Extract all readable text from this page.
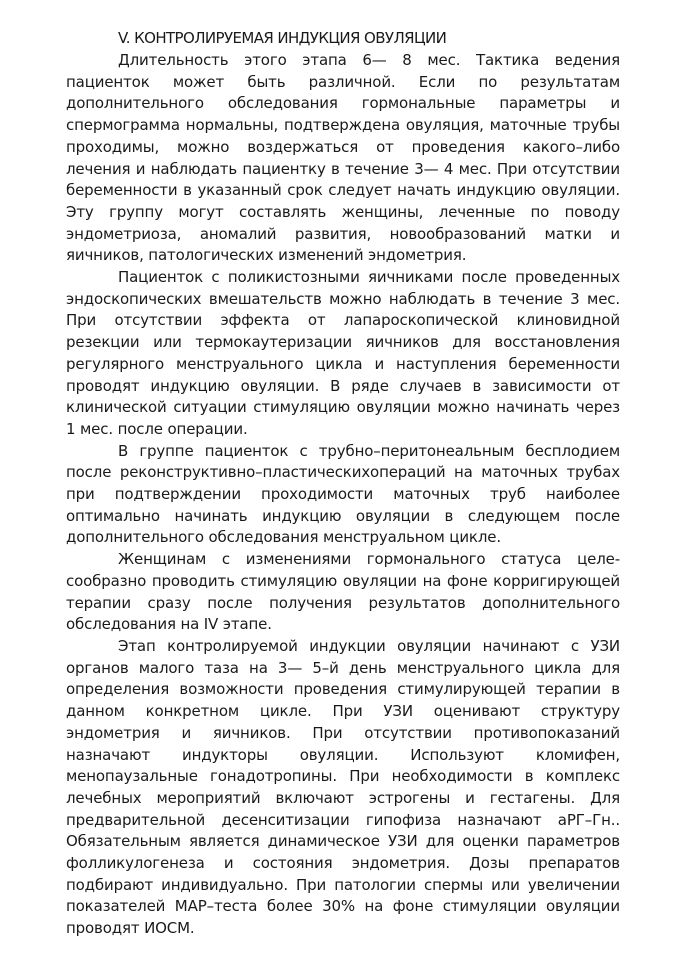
V. КОНТРОЛИРУЕМАЯ ИНДУКЦИЯ ОВУЛЯЦИИ

Длительность этого этапа 6— 8 мес. Тактика ведения пациенток может быть различной. Если по результатам дополнительного обследования гормональные параметры и спермограмма нормальны, подтверждена овуляция, маточные трубы проходимы, можно воздержаться от проведения какого–либо лечения и наблюдать пациентку в течение 3— 4 мес. При отсутствии беременности в указанный срок следует начать индукцию овуляции. Эту группу могут составлять женщины, леченные по поводу эндометриоза, аномалий развития, новообразований матки и яичников, патологических изменений эндометрия.

Пациенток с поликистозными яичниками после проведенных эндоскопических вмешательств можно наблюдать в течение 3 мес. При отсутствии эффекта от лапароскопической клиновидной резекции или термокаутеризации яичников для восстановления регулярного менструального цикла и наступления беременности проводят индукцию овуляции. В ряде случаев в зависимости от клинической ситуации стимуляцию овуляции можно начинать через 1 мес. после операции.

В группе пациенток с трубно–перитонеальным бесплодием после реконструктивно–пластическихопераций на маточных трубах при подтверждении проходимости маточных труб наиболее оптимально начинать индукцию овуляции в следующем после дополнительного обследования менструальном цикле.

Женщинам с изменениями гормонального статуса целе-сообразно проводить стимуляцию овуляции на фоне корригирующей терапии сразу после получения результатов дополнительного обследования на IV этапе.

Этап контролируемой индукции овуляции начинают с УЗИ органов малого таза на 3— 5–й день менструального цикла для определения возможности проведения стимулирующей терапии в данном конкретном цикле. При УЗИ оценивают структуру эндометрия и яичников. При отсутствии противопоказаний назначают индукторы овуляции. Используют кломифен, менопаузальные гонадотропины. При необходимости в комплекс лечебных мероприятий включают эстрогены и гестагены. Для предварительной десенситизации гипофиза назначают аРГ–Гн.. Обязательным является динамическое УЗИ для оценки параметров фолликулогенеза и состояния эндометрия. Дозы препаратов подбирают индивидуально. При патологии спермы или увеличении показателей MAP–теста более 30% на фоне стимуляции овуляции проводят ИОСМ.
